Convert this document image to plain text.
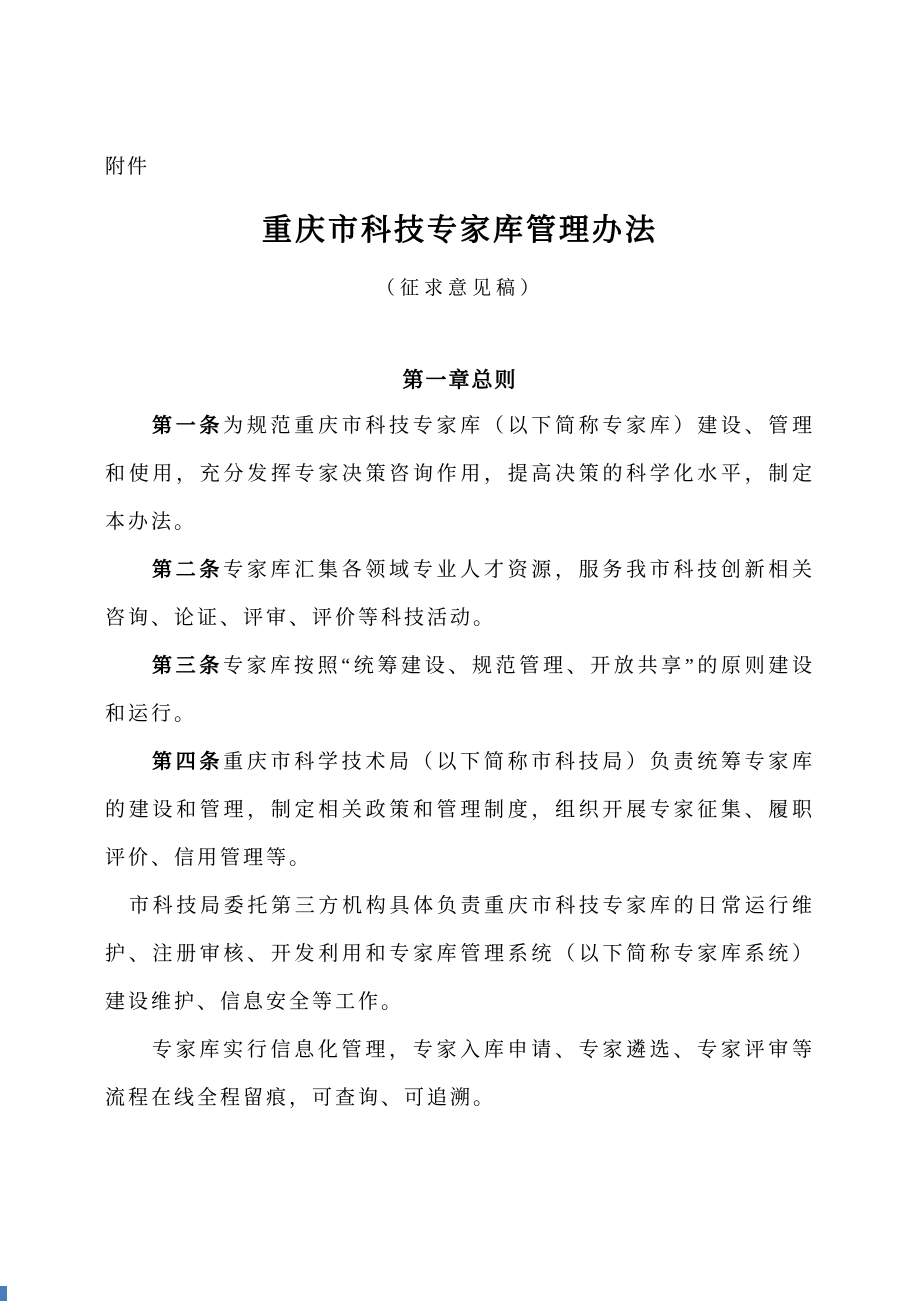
附件
重庆市科技专家库管理办法
（征求意见稿）
第一章总则

第一条为规范重庆市科技专家库（以下简称专家库）建设、管理和使用，充分发挥专家决策咨询作用，提高决策的科学化水平，制定本办法。

第二条专家库汇集各领域专业人才资源，服务我市科技创新相关咨询、论证、评审、评价等科技活动。

第三条专家库按照“统筹建设、规范管理、开放共享”的原则建设和运行。

第四条重庆市科学技术局（以下简称市科技局）负责统筹专家库的建设和管理，制定相关政策和管理制度，组织开展专家征集、履职评价、信用管理等。

市科技局委托第三方机构具体负责重庆市科技专家库的日常运行维护、注册审核、开发利用和专家库管理系统（以下简称专家库系统）建设维护、信息安全等工作。

专家库实行信息化管理，专家入库申请、专家遴选、专家评审等流程在线全程留痕，可查询、可追溯。
